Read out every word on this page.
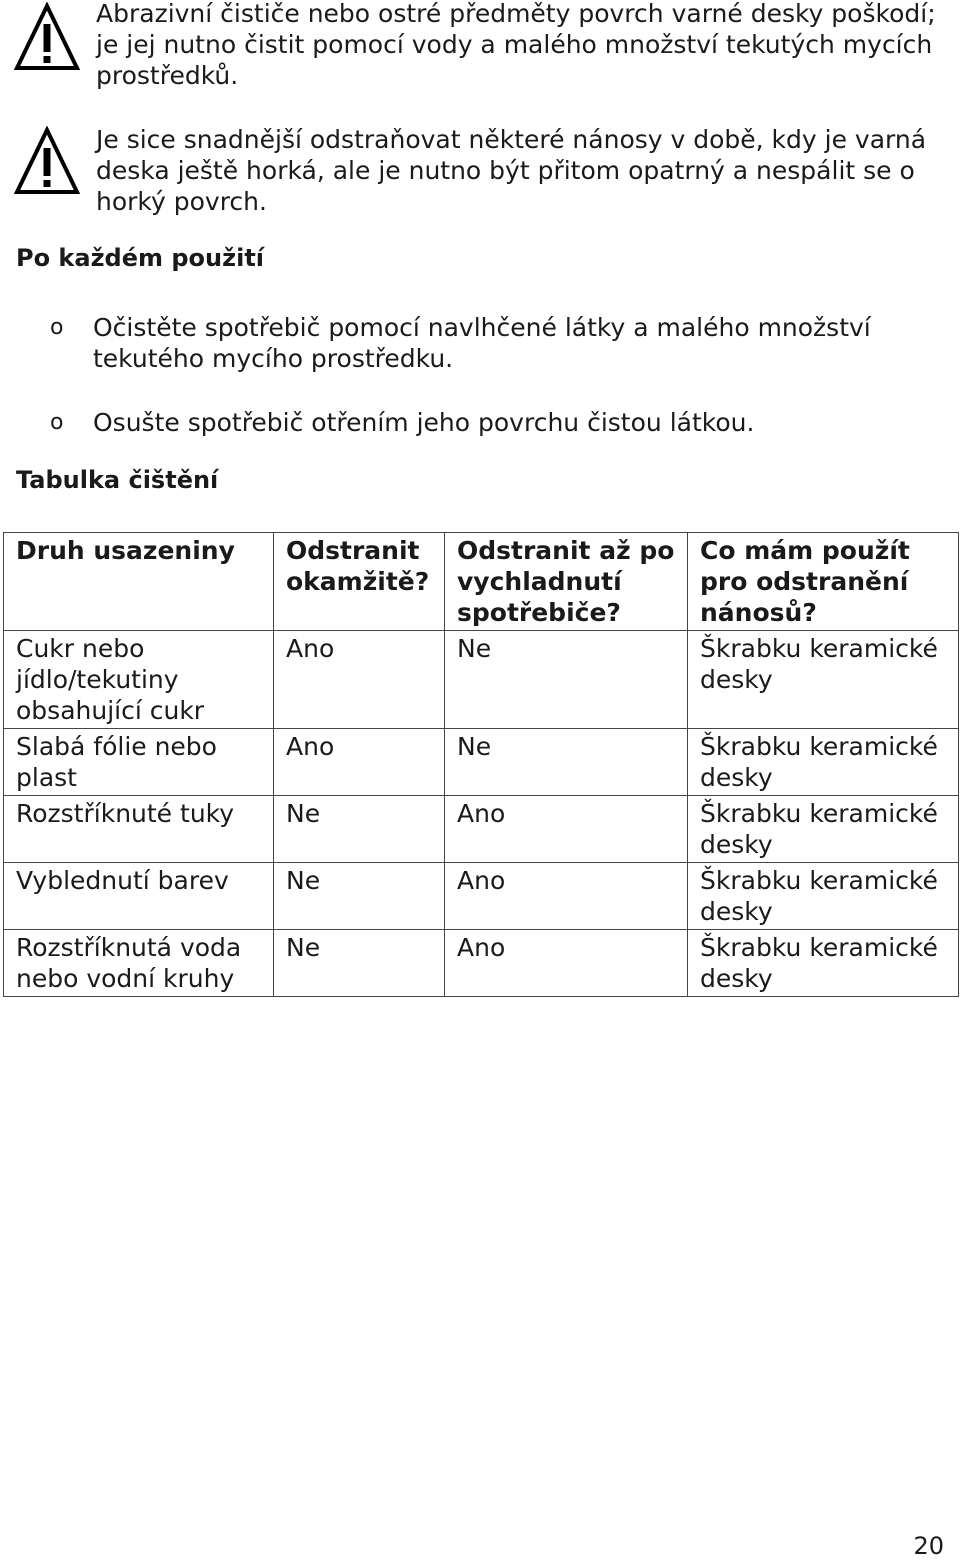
Abrazivní čističe nebo ostré předměty povrch varné desky poškodí; je jej nutno čistit pomocí vody a malého množství tekutých mycích prostředků.

Je sice snadnější odstraňovat některé nánosy v době, kdy je varná deska ještě horká, ale je nutno být přitom opatrný a nespálit se o horký povrch.

Po každém použití
o Očistěte spotřebič pomocí navlhčené látky a malého množství tekutého mycího prostředku.

o Osušte spotřebič otřením jeho povrchu čistou látkou.

Tabulka čištění
Druh usazeniny	Odstranit okamžitě?	Odstranit až po vychladnutí spotřebiče?	Co mám použít pro odstranění nánosů?
Cukr nebo jídlo/tekutiny obsahující cukr	Ano	Ne	Škrabku keramické desky
Slabá fólie nebo plast	Ano	Ne	Škrabku keramické desky
Rozstříknuté tuky	Ne	Ano	Škrabku keramické desky
Vyblednutí barev	Ne	Ano	Škrabku keramické desky
Rozstříknutá voda nebo vodní kruhy	Ne	Ano	Škrabku keramické desky
20
